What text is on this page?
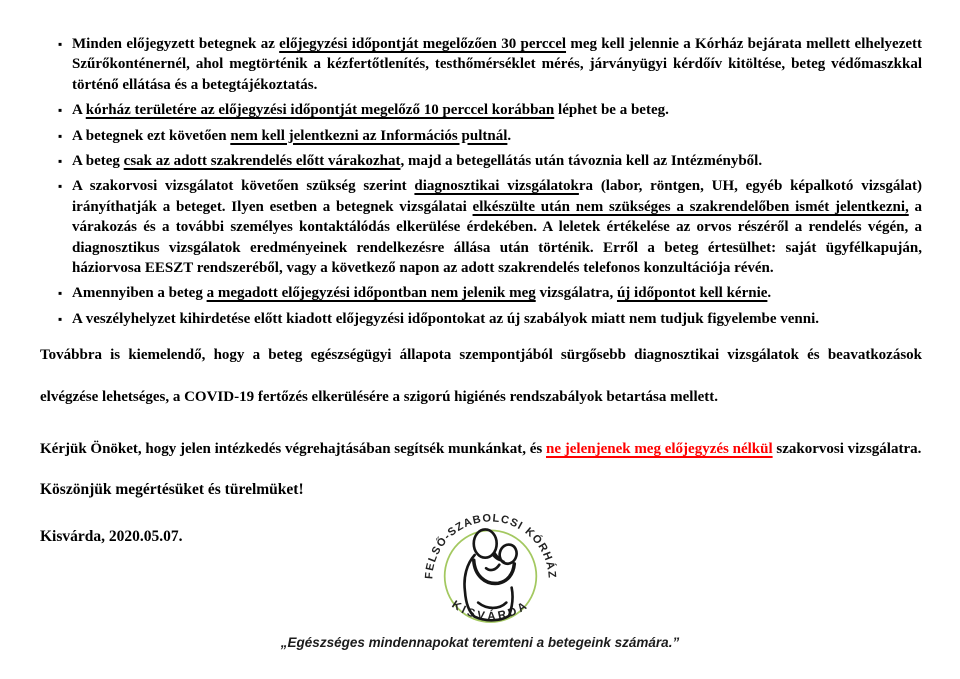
▪ Minden előjegyzett betegnek az előjegyzési időpontját megelőzően 30 perccel meg kell jelennie a Kórház bejárata mellett elhelyezett Szűrőkonténernél, ahol megtörténik a kézfertőtlenítés, testhőmérséklet mérés, járványügyi kérdőív kitöltése, beteg védőmaszkkal történő ellátása és a betegtájékoztatás.
▪ A kórház területére az előjegyzési időpontját megelőző 10 perccel korábban léphet be a beteg.
▪ A betegnek ezt követően nem kell jelentkezni az Információs pultnál.
▪ A beteg csak az adott szakrendelés előtt várakozhat, majd a betegellátás után távoznia kell az Intézményből.
▪ A szakorvosi vizsgálatot követően szükség szerint diagnosztikai vizsgálatokra (labor, röntgen, UH, egyéb képalkotó vizsgálat) irányíthatják a beteget. Ilyen esetben a betegnek vizsgálatai elkészülte után nem szükséges a szakrendelőben ismét jelentkezni, a várakozás és a további személyes kontaktálódás elkerülése érdekében. A leletek értékelése az orvos részéről a rendelés végén, a diagnosztikus vizsgálatok eredményeinek rendelkezésre állása után történik. Erről a beteg értesülhet: saját ügyfélkapuján, háziorvosa EESZT rendszeréből, vagy a következő napon az adott szakrendelés telefonos konzultációja révén.
▪ Amennyiben a beteg a megadott előjegyzési időpontban nem jelenik meg vizsgálatra, új időpontot kell kérnie.
▪ A veszélyhelyzet kihirdetése előtt kiadott előjegyzési időpontokat az új szabályok miatt nem tudjuk figyelembe venni.

Továbbra is kiemelendő, hogy a beteg egészségügyi állapota szempontjából sürgősebb diagnosztikai vizsgálatok és beavatkozások elvégzése lehetséges, a COVID-19 fertőzés elkerülésére a szigorú higiénés rendszabályok betartása mellett.

Kérjük Önöket, hogy jelen intézkedés végrehajtásában segítsék munkánkat, és ne jelenjenek meg előjegyzés nélkül szakorvosi vizsgálatra.

Köszönjük megértésüket és türelmüket!

Kisvárda, 2020.05.07.

FELSŐ-SZABOLCSI KÓRHÁZ
KISVÁRDA

„Egészséges mindennapokat teremteni a betegeink számára.”
